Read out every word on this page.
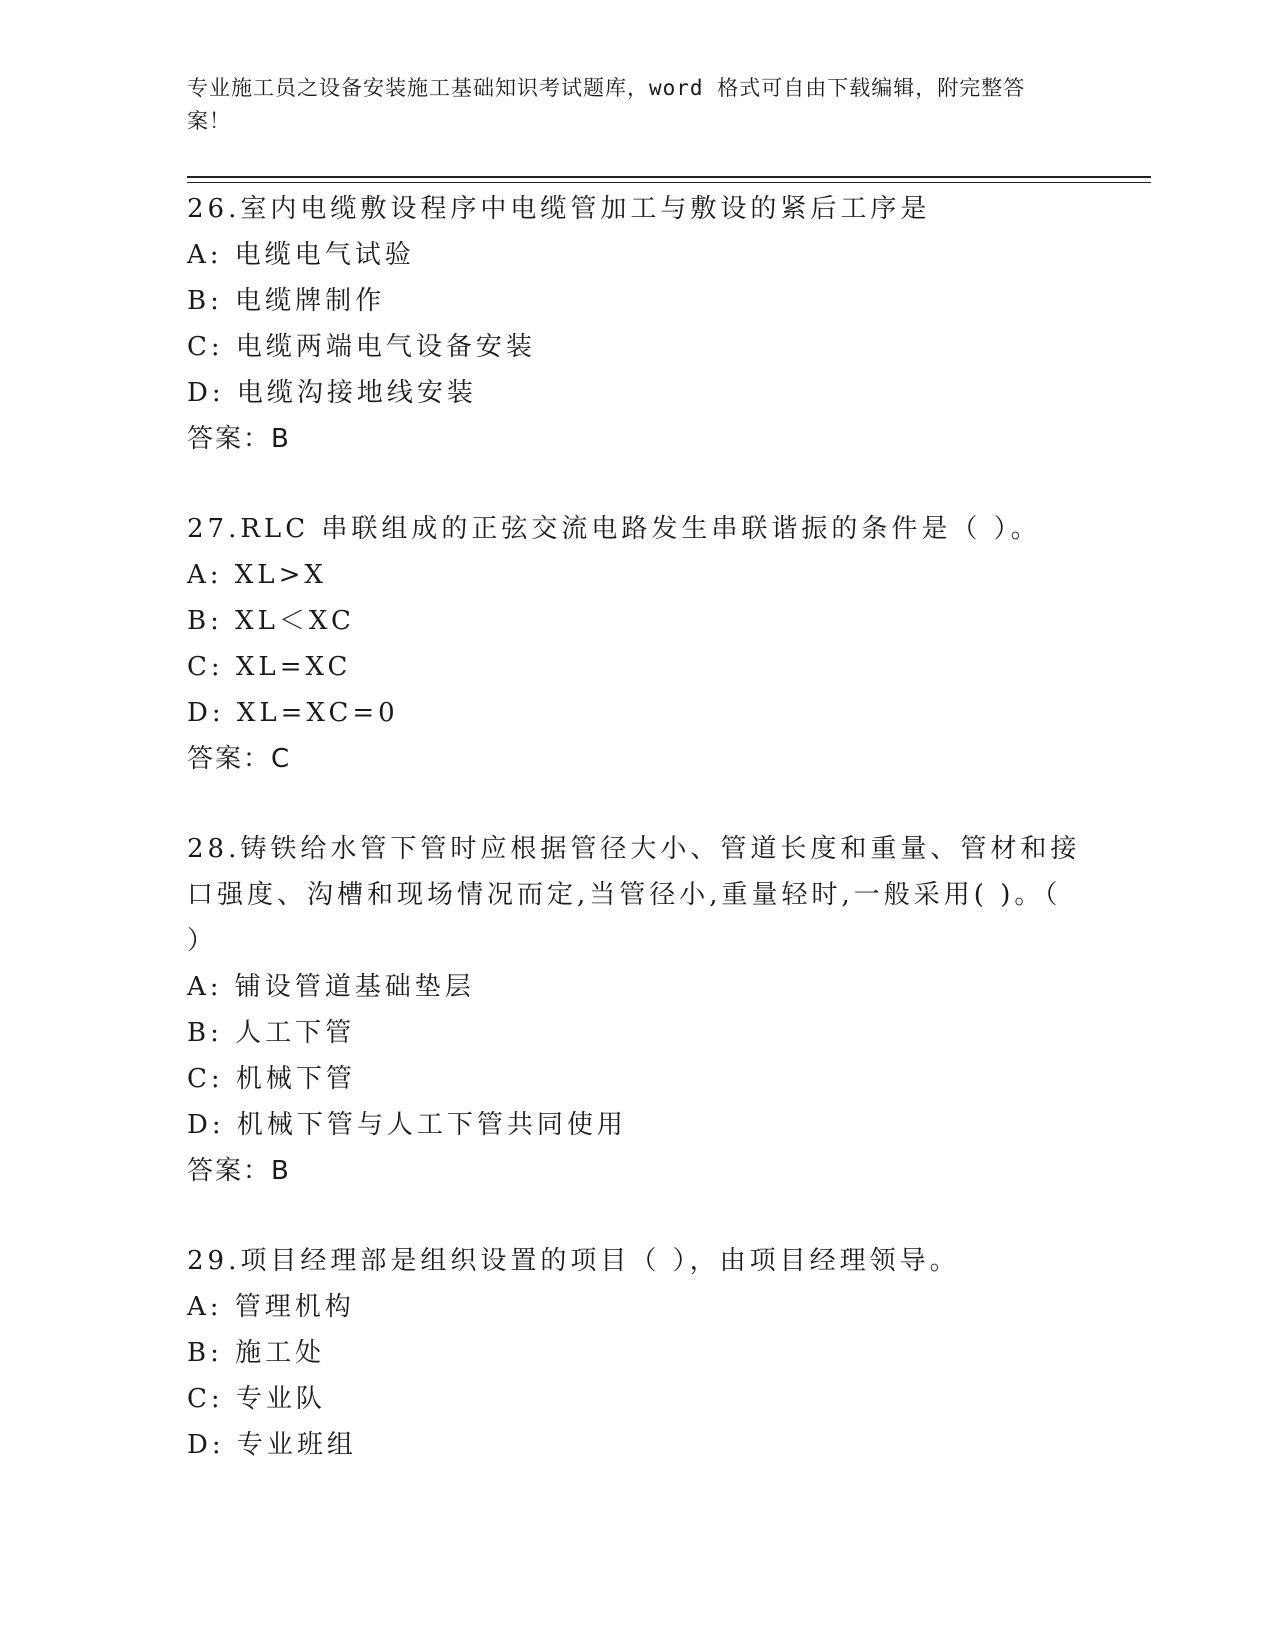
专业施工员之设备安装施工基础知识考试题库，word 格式可自由下载编辑，附完整答案！

26.室内电缆敷设程序中电缆管加工与敷设的紧后工序是

A: 电缆电气试验

B: 电缆牌制作

C: 电缆两端电气设备安装

D: 电缆沟接地线安装

答案：B

27.RLC 串联组成的正弦交流电路发生串联谐振的条件是（ ）。

A: XL>X

B: XL＜XC

C: XL=XC

D: XL=XC=0

答案：C

28.铸铁给水管下管时应根据管径大小、管道长度和重量、管材和接口强度、沟槽和现场情况而定,当管径小,重量轻时,一般采用( )。（ ）

A: 铺设管道基础垫层

B: 人工下管

C: 机械下管

D: 机械下管与人工下管共同使用

答案：B

29.项目经理部是组织设置的项目（ ），由项目经理领导。

A: 管理机构

B: 施工处

C: 专业队

D: 专业班组
